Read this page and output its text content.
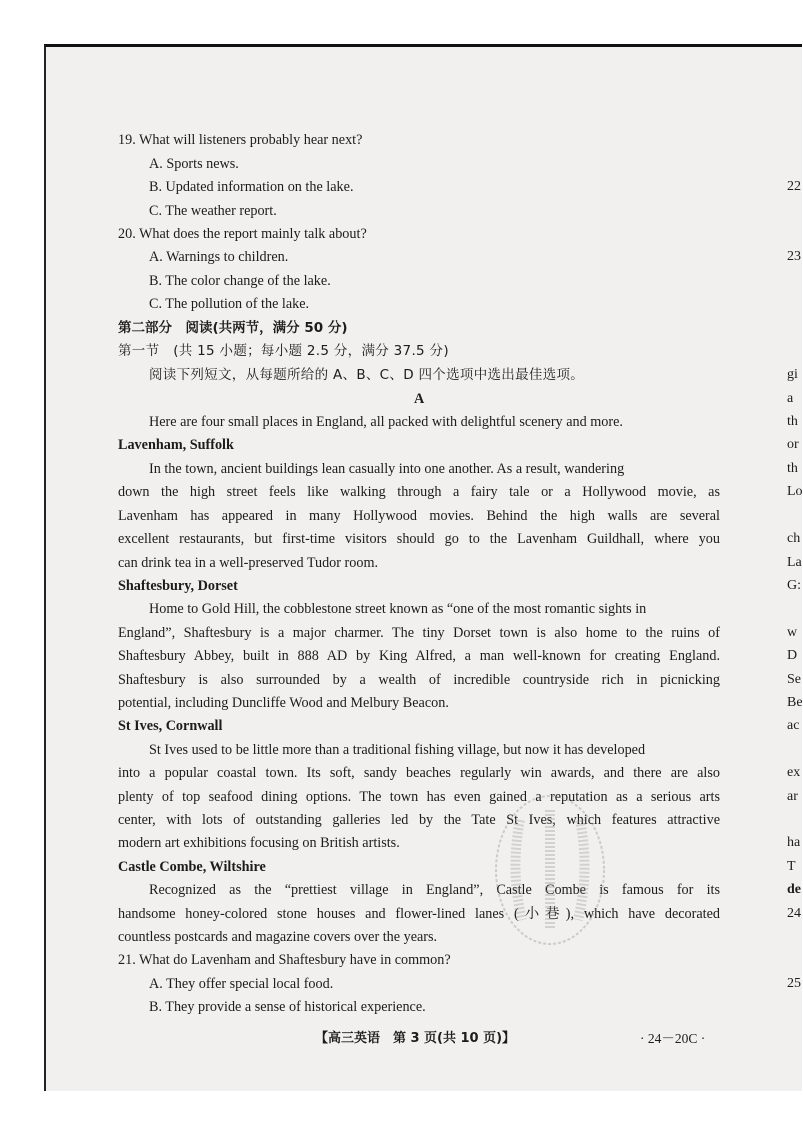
19. What will listeners probably hear next?
A. Sports news.
B. Updated information on the lake.
C. The weather report.
20. What does the report mainly talk about?
A. Warnings to children.
B. The color change of the lake.
C. The pollution of the lake.
第二部分　阅读(共两节，满分 50 分)
第一节　(共 15 小题；每小题 2.5 分，满分 37.5 分)
阅读下列短文，从每题所给的 A、B、C、D 四个选项中选出最佳选项。
A
Here are four small places in England, all packed with delightful scenery and more.
Lavenham, Suffolk
In the town, ancient buildings lean casually into one another. As a result, wandering
down the high street feels like walking through a fairy tale or a Hollywood movie, as
Lavenham has appeared in many Hollywood movies. Behind the high walls are several
excellent restaurants, but first-time visitors should go to the Lavenham Guildhall, where you
can drink tea in a well-preserved Tudor room.
Shaftesbury, Dorset
Home to Gold Hill, the cobblestone street known as “one of the most romantic sights in
England”, Shaftesbury is a major charmer. The tiny Dorset town is also home to the ruins of
Shaftesbury Abbey, built in 888 AD by King Alfred, a man well-known for creating England.
Shaftesbury is also surrounded by a wealth of incredible countryside rich in picnicking
potential, including Duncliffe Wood and Melbury Beacon.
St Ives, Cornwall
St Ives used to be little more than a traditional fishing village, but now it has developed
into a popular coastal town. Its soft, sandy beaches regularly win awards, and there are also
plenty of top seafood dining options. The town has even gained a reputation as a serious arts
center, with lots of outstanding galleries led by the Tate St Ives, which features attractive
modern art exhibitions focusing on British artists.
Castle Combe, Wiltshire
Recognized as the “prettiest village in England”, Castle Combe is famous for its
handsome honey-colored stone houses and flower-lined lanes (小巷), which have decorated
countless postcards and magazine covers over the years.
21. What do Lavenham and Shaftesbury have in common?
A. They offer special local food.
B. They provide a sense of historical experience.
【高三英语　第 3 页(共 10 页)】	· 24－20C ·
22
23
gi
a
th
or
th
Lo
ch
La
G:
w
D
Se
Be
ac
ex
ar
ha
T
de
24
25
